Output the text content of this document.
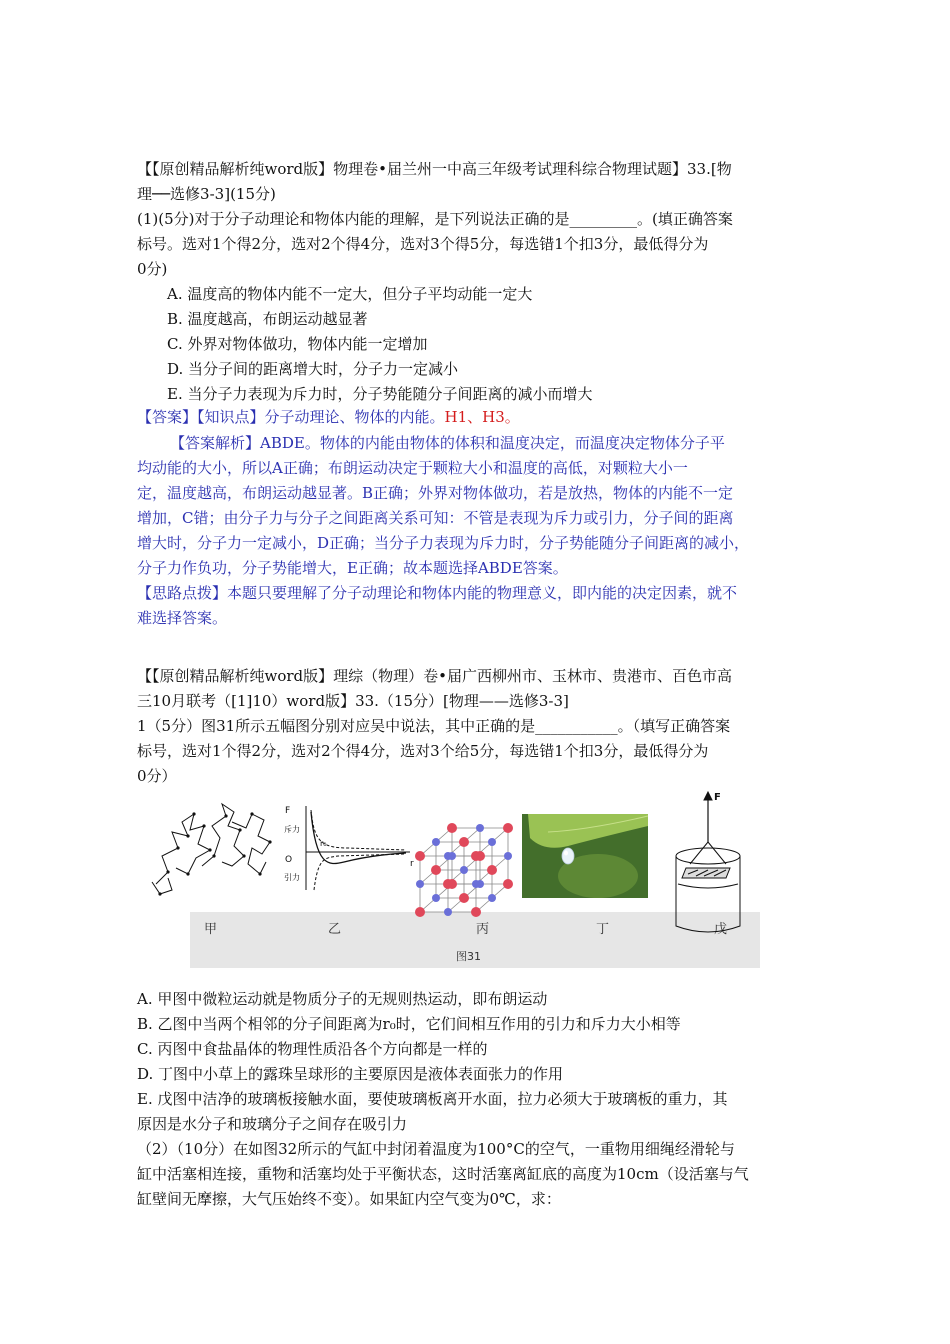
【【原创精品解析纯word版】物理卷•届兰州一中高三年级考试理科综合物理试题】33.[物
理──选修3-3](15分)
(1)(5分)对于分子动理论和物体内能的理解，是下列说法正确的是_________。(填正确答案
标号。选对1个得2分，选对2个得4分，选对3个得5分，每选错1个扣3分，最低得分为
0分)
A. 温度高的物体内能不一定大，但分子平均动能一定大
B. 温度越高，布朗运动越显著
C. 外界对物体做功，物体内能一定增加
D. 当分子间的距离增大时，分子力一定减小
E. 当分子力表现为斥力时，分子势能随分子间距离的减小而增大
【答案】【知识点】分子动理论、物体的内能。H1、H3。
【答案解析】ABDE。物体的内能由物体的体积和温度决定，而温度决定物体分子平
均动能的大小，所以A正确；布朗运动决定于颗粒大小和温度的高低，对颗粒大小一
定，温度越高，布朗运动越显著。B正确；外界对物体做功，若是放热，物体的内能不一定
增加，C错；由分子力与分子之间距离关系可知：不管是表现为斥力或引力，分子间的距离
增大时，分子力一定减小，D正确；当分子力表现为斥力时，分子势能随分子间距离的减小，
分子力作负功，分子势能增大，E正确；故本题选择ABDE答案。
【思路点拨】本题只要理解了分子动理论和物体内能的物理意义，即内能的决定因素，就不
难选择答案。
【【原创精品解析纯word版】理综（物理）卷•届广西柳州市、玉林市、贵港市、百色市高
三10月联考（[1]10）word版】33.（15分）[物理——选修3-3]
1（5分）图31所示五幅图分别对应吴中说法，其中正确的是___________。（填写正确答案
标号，选对1个得2分，选对2个得4分，选对3个给5分，每选错1个扣3分，最低得分为
0分）
甲	乙	丙	丁	戊
图31
F
斥力
O
引力
r₀
r
F
A. 甲图中微粒运动就是物质分子的无规则热运动，即布朗运动
B. 乙图中当两个相邻的分子间距离为r₀时，它们间相互作用的引力和斥力大小相等
C. 丙图中食盐晶体的物理性质沿各个方向都是一样的
D. 丁图中小草上的露珠呈球形的主要原因是液体表面张力的作用
E. 戊图中洁净的玻璃板接触水面，要使玻璃板离开水面，拉力必须大于玻璃板的重力，其
原因是水分子和玻璃分子之间存在吸引力
（2）（10分）在如图32所示的气缸中封闭着温度为100°C的空气，一重物用细绳经滑轮与
缸中活塞相连接，重物和活塞均处于平衡状态，这时活塞离缸底的高度为10cm（设活塞与气
缸壁间无摩擦，大气压始终不变）。如果缸内空气变为0℃，求：
